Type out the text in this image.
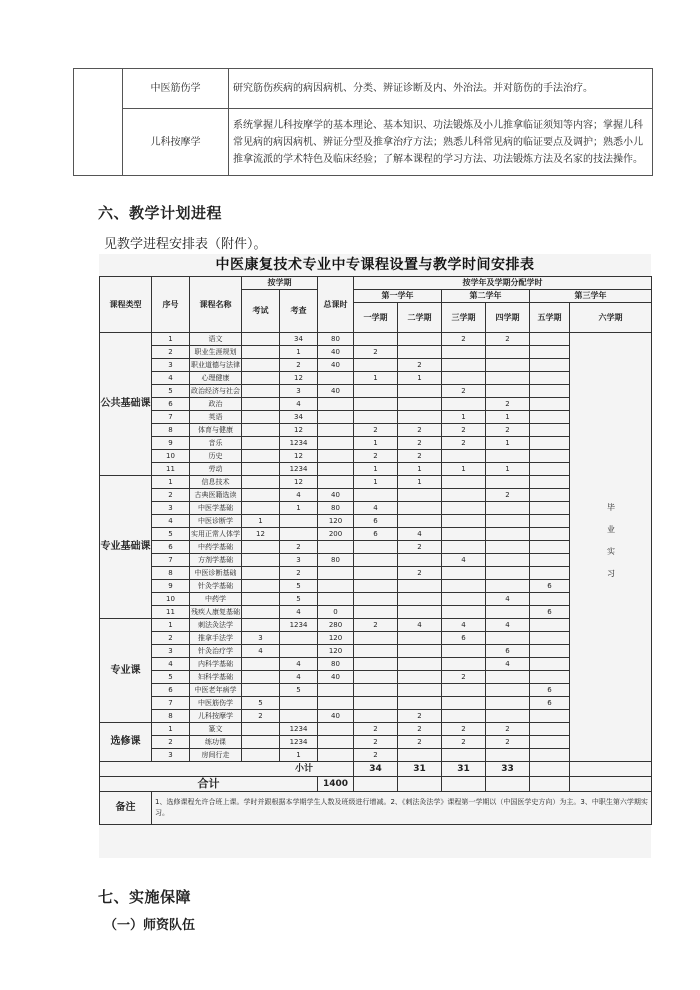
	中医筋伤学	研究筋伤疾病的病因病机、分类、辨证诊断及内、外治法。并对筋伤的手法治疗。
	儿科按摩学	系统掌握儿科按摩学的基本理论、基本知识、功法锻炼及小儿推拿临证须知等内容；掌握儿科常见病的病因病机、辨证分型及推拿治疗方法；熟悉儿科常见病的临证要点及调护；熟悉小儿推拿流派的学术特色及临床经验；了解本课程的学习方法、功法锻炼方法及名家的技法操作。
六、教学计划进程
见教学进程安排表（附件）。
中医康复技术专业中专课程设置与教学时间安排表
课程类型	序号	课程名称	按学期		总课时	按学年及学期分配学时					
			考试	考查		第一学年		第二学年		第三学年	
						一学期	二学期	三学期	四学期	五学期	六学期
公共基础课	1	语文		34	80			2	2		毕业实习
	2	职业生涯规划		1	40	2					
	3	职业道德与法律		2	40		2				
	4	心理健康		12		1	1				
	5	政治经济与社会		3	40			2			
	6	政治		4					2		
	7	英语		34				1	1		
	8	体育与健康		12		2	2	2	2		
	9	音乐		1234		1	2	2	1		
	10	历史		12		2	2				
	11	劳动		1234		1	1	1	1		
专业基础课	1	信息技术		12		1	1				
	2	古典医籍选读		4	40				2		
	3	中医学基础		1	80	4					
	4	中医诊断学	1		120	6					
	5	实用正常人体学	12		200	6	4				
	6	中药学基础		2			2				
	7	方剂学基础		3	80			4			
	8	中医诊断基础		2			2				
	9	针灸学基础		5						6	
	10	中药学		5					4		
	11	残疾人康复基础		4	0					6	
专业课	1	刺法灸法学		1234	280	2	4	4	4		
	2	推拿手法学	3		120			6			
	3	针灸治疗学	4		120				6		
	4	内科学基础		4	80				4		
	5	妇科学基础		4	40			2			
	6	中医老年病学		5						6	
	7	中医筋伤学	5							6	
	8	儿科按摩学	2		40		2				
选修课	1	篆文		1234		2	2	2	2		
	2	练功课		1234		2	2	2	2		
	3	房间行走		1		2					
小计						34	31	31	33		
合计					1400						
备注	1、选修课程允许合班上课。学时并跟根据本学期学生人数及班级进行增减。2、《刺法灸法学》课程第一学期以（中国医学史方向）为主。3、中职生第六学期实习。										
七、实施保障
（一）师资队伍
